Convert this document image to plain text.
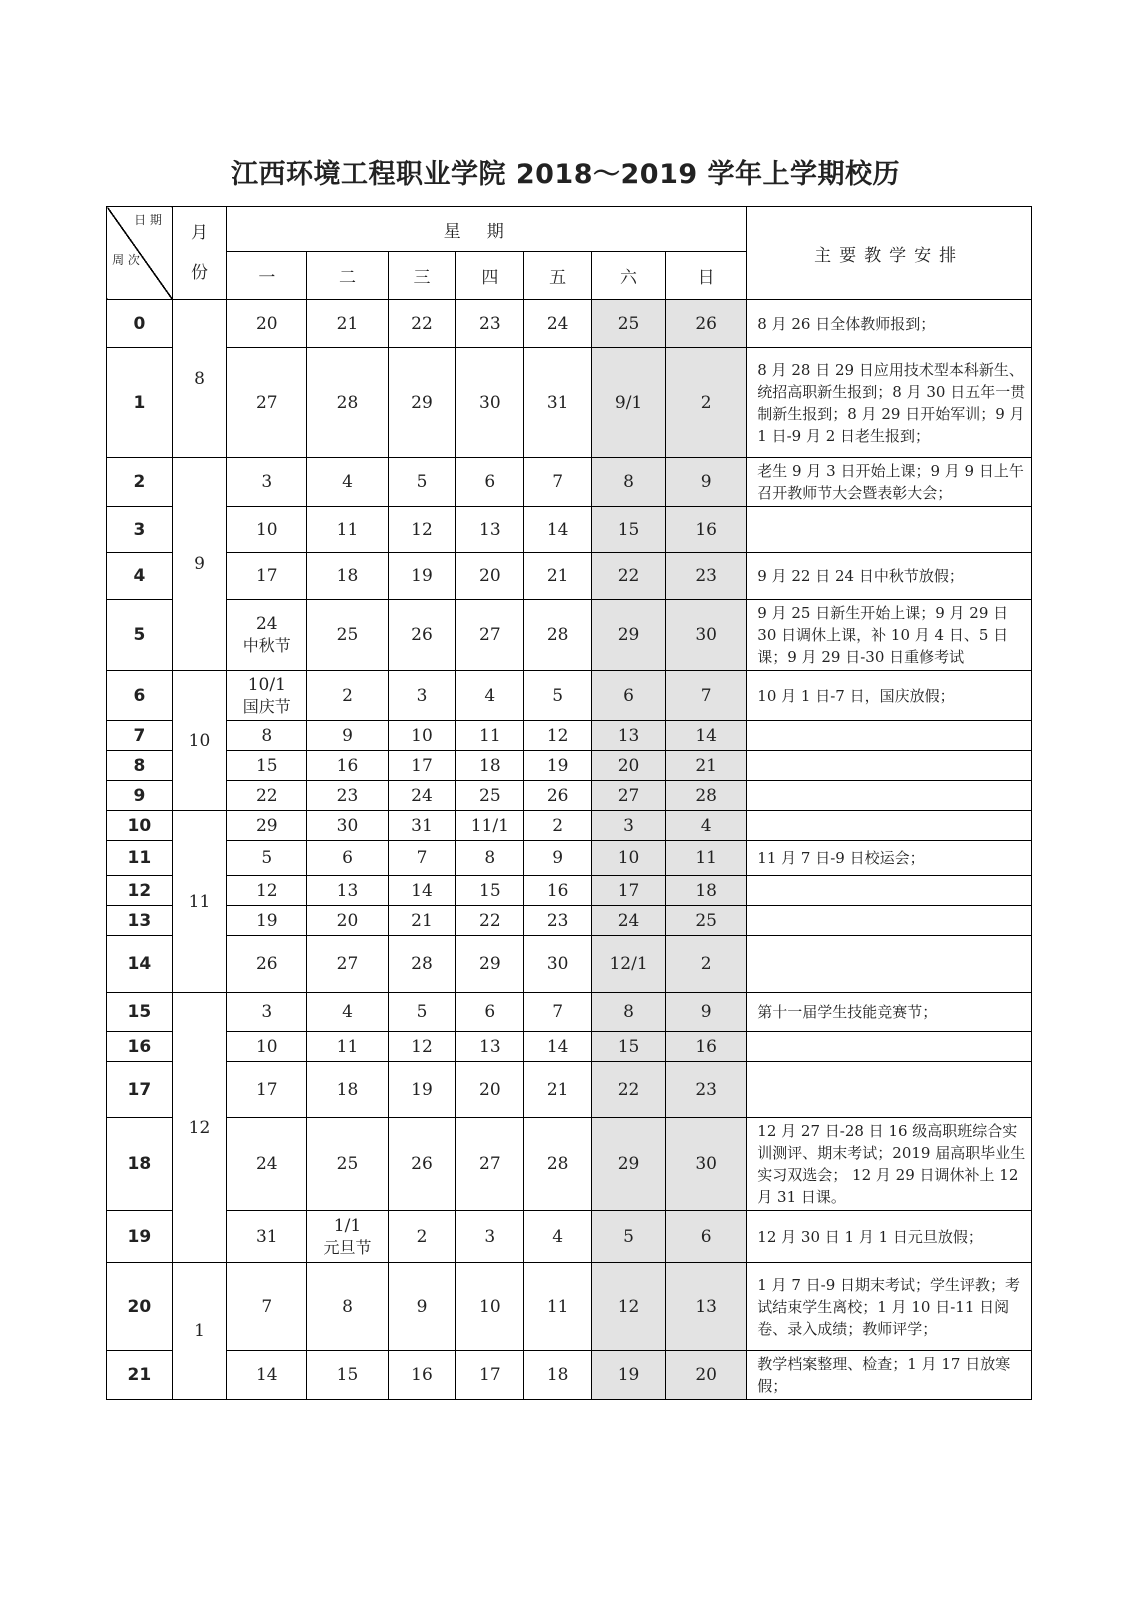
江西环境工程职业学院 2018～2019 学年上学期校历
日 期
周 次	月
份	星期							主要教学安排
		一	二	三	四	五	六	日	
0	8	20	21	22	23	24	25	26	8 月 26 日全体教师报到；
1		27	28	29	30	31	9/1	2	8 月 28 日 29 日应用技术型本科新生、统招高职新生报到；8 月 30 日五年一贯制新生报到；8 月 29 日开始军训；9 月 1 日-9 月 2 日老生报到；
2	9	3	4	5	6	7	8	9	老生 9 月 3 日开始上课；9 月 9 日上午召开教师节大会暨表彰大会；
3		10	11	12	13	14	15	16	
4		17	18	19	20	21	22	23	9 月 22 日 24 日中秋节放假；
5		24
中秋节	25	26	27	28	29	30	9 月 25 日新生开始上课；9 月 29 日 30 日调休上课，补 10 月 4 日、5 日课；9 月 29 日-30 日重修考试
6	10	10/1
国庆节	2	3	4	5	6	7	10 月 1 日-7 日，国庆放假；
7		8	9	10	11	12	13	14	
8		15	16	17	18	19	20	21	
9		22	23	24	25	26	27	28	
10	11	29	30	31	11/1	2	3	4	
11		5	6	7	8	9	10	11	11 月 7 日-9 日校运会；
12		12	13	14	15	16	17	18	
13		19	20	21	22	23	24	25	
14		26	27	28	29	30	12/1	2	
15	12	3	4	5	6	7	8	9	第十一届学生技能竞赛节；
16		10	11	12	13	14	15	16	
17		17	18	19	20	21	22	23	
18		24	25	26	27	28	29	30	12 月 27 日-28 日 16 级高职班综合实训测评、期末考试；2019 届高职毕业生实习双选会； 12 月 29 日调休补上 12 月 31 日课。
19		31	1/1
元旦节	2	3	4	5	6	12 月 30 日 1 月 1 日元旦放假；
20	1	7	8	9	10	11	12	13	1 月 7 日-9 日期末考试；学生评教；考试结束学生离校；1 月 10 日-11 日阅卷、录入成绩；教师评学；
21		14	15	16	17	18	19	20	教学档案整理、检查；1 月 17 日放寒假；
